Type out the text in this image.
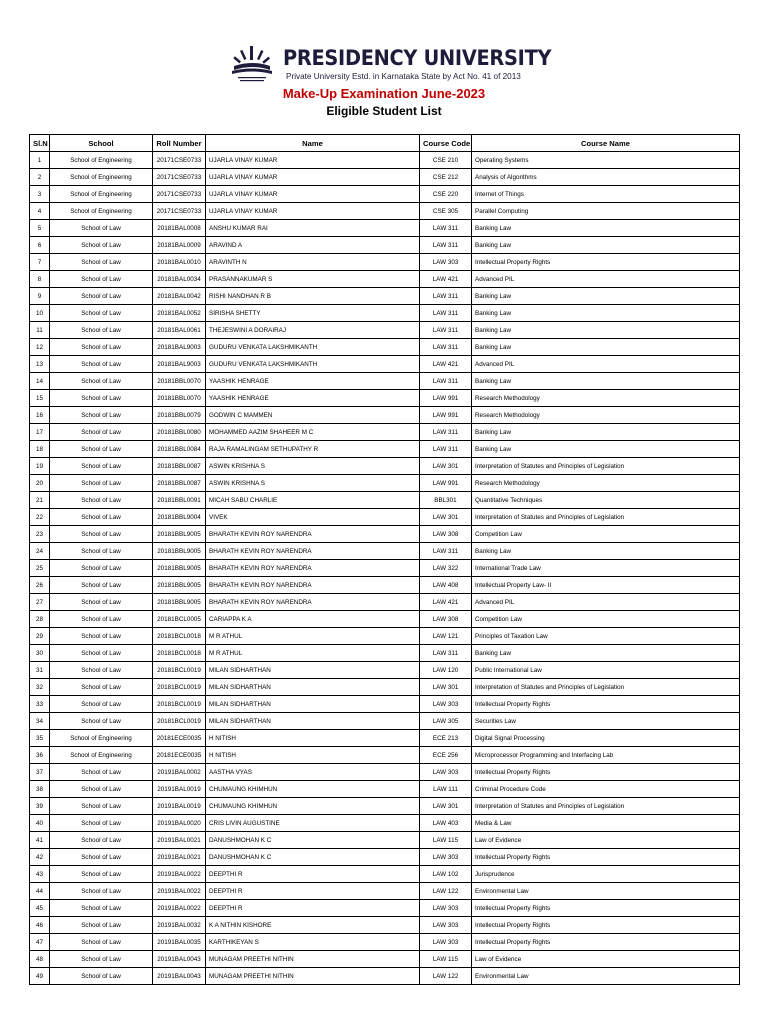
PRESIDENCY UNIVERSITY
Private University Estd. in Karnataka State by Act No. 41 of 2013
Make-Up Examination June-2023
Eligible Student List
Sl.N	School	Roll Number	Name	Course Code	Course Name
1	School of Engineering	20171CSE0733	UJARLA VINAY KUMAR	CSE 210	Operating Systems
2	School of Engineering	20171CSE0733	UJARLA VINAY KUMAR	CSE 212	Analysis of Algorithms
3	School of Engineering	20171CSE0733	UJARLA VINAY KUMAR	CSE 220	Internet of Things
4	School of Engineering	20171CSE0733	UJARLA VINAY KUMAR	CSE 305	Parallel Computing
5	School of Law	20181BAL0008	ANSHU KUMAR RAI	LAW 311	Banking Law
6	School of Law	20181BAL0009	ARAVIND A	LAW 311	Banking Law
7	School of Law	20181BAL0010	ARAVINTH N	LAW 303	Intellectual Property Rights
8	School of Law	20181BAL0034	PRASANNAKUMAR S	LAW 421	Advanced PIL
9	School of Law	20181BAL0042	RISHI NANDHAN R B	LAW 311	Banking Law
10	School of Law	20181BAL0052	SIRISHA SHETTY	LAW 311	Banking Law
11	School of Law	20181BAL0061	THEJESWINI A DORAIRAJ	LAW 311	Banking Law
12	School of Law	20181BAL9003	GUDURU VENKATA LAKSHMIKANTH	LAW 311	Banking Law
13	School of Law	20181BAL9003	GUDURU VENKATA LAKSHMIKANTH	LAW 421	Advanced PIL
14	School of Law	20181BBL0070	YAASHIK HENRAGE	LAW 311	Banking Law
15	School of Law	20181BBL0070	YAASHIK HENRAGE	LAW 991	Research Methodology
16	School of Law	20181BBL0079	GODWIN C MAMMEN	LAW 991	Research Methodology
17	School of Law	20181BBL0080	MOHAMMED AAZIM SHAHEER M C	LAW 311	Banking Law
18	School of Law	20181BBL0084	RAJA RAMALINGAM SETHUPATHY R	LAW 311	Banking Law
19	School of Law	20181BBL0087	ASWIN KRISHNA S	LAW 301	Interpretation of Statutes and Principles of Legislation
20	School of Law	20181BBL0087	ASWIN KRISHNA S	LAW 991	Research Methodology
21	School of Law	20181BBL0091	MICAH SABU CHARLIE	BBL301	Quantitative Techniques
22	School of Law	20181BBL9004	VIVEK	LAW 301	Interpretation of Statutes and Principles of Legislation
23	School of Law	20181BBL9005	BHARATH KEVIN ROY NARENDRA	LAW 308	Competition Law
24	School of Law	20181BBL9005	BHARATH KEVIN ROY NARENDRA	LAW 311	Banking Law
25	School of Law	20181BBL9005	BHARATH KEVIN ROY NARENDRA	LAW 322	International Trade Law
26	School of Law	20181BBL9005	BHARATH KEVIN ROY NARENDRA	LAW 408	Intellectual Property Law- II
27	School of Law	20181BBL9005	BHARATH KEVIN ROY NARENDRA	LAW 421	Advanced PIL
28	School of Law	20181BCL0005	CARIAPPA K A	LAW 308	Competition Law
29	School of Law	20181BCL0018	M R ATHUL	LAW 121	Principles of Taxation Law
30	School of Law	20181BCL0018	M R ATHUL	LAW 311	Banking Law
31	School of Law	20181BCL0019	MILAN SIDHARTHAN	LAW 120	Public International Law
32	School of Law	20181BCL0019	MILAN SIDHARTHAN	LAW 301	Interpretation of Statutes and Principles of Legislation
33	School of Law	20181BCL0019	MILAN SIDHARTHAN	LAW 303	Intellectual Property Rights
34	School of Law	20181BCL0019	MILAN SIDHARTHAN	LAW 305	Securities Law
35	School of Engineering	20181ECE0035	H NITISH	ECE 213	Digital Signal Processing
36	School of Engineering	20181ECE0035	H NITISH	ECE 256	Microprocessor Programming and Interfacing Lab
37	School of Law	20191BAL0002	AASTHA VYAS	LAW 303	Intellectual Property Rights
38	School of Law	20191BAL0019	CHUMAUNG KHIMHUN	LAW 111	Criminal Procedure Code
39	School of Law	20191BAL0019	CHUMAUNG KHIMHUN	LAW 301	Interpretation of Statutes and Principles of Legislation
40	School of Law	20191BAL0020	CRIS LIVIN AUGUSTINE	LAW 403	Media & Law
41	School of Law	20191BAL0021	DANUSHMOHAN K C	LAW 115	Law of Evidence
42	School of Law	20191BAL0021	DANUSHMOHAN K C	LAW 303	Intellectual Property Rights
43	School of Law	20191BAL0022	DEEPTHI R	LAW 102	Jurisprudence
44	School of Law	20191BAL0022	DEEPTHI R	LAW 122	Environmental Law
45	School of Law	20191BAL0022	DEEPTHI R	LAW 303	Intellectual Property Rights
46	School of Law	20191BAL0032	K A NITHIN KISHORE	LAW 303	Intellectual Property Rights
47	School of Law	20191BAL0035	KARTHIKEYAN S	LAW 303	Intellectual Property Rights
48	School of Law	20191BAL0043	MUNAGAM PREETHI NITHIN	LAW 115	Law of Evidence
49	School of Law	20191BAL0043	MUNAGAM PREETHI NITHIN	LAW 122	Environmental Law
